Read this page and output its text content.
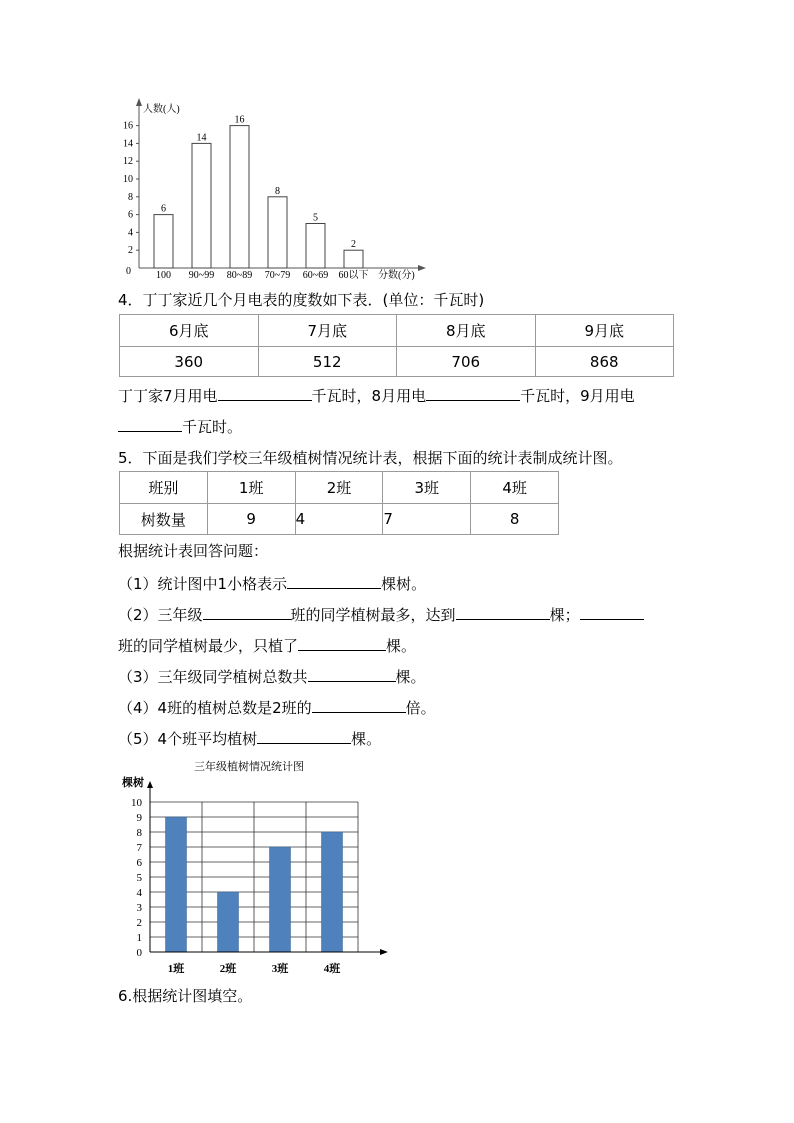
人数(人)
0	分数(分)
2
4
6
8
10
12
14
16
6
100
14
90~99
16
80~89
8
70~79
5
60~69
2
60以下
4．丁丁家近几个月电表的度数如下表．(单位：千瓦时)
6月底	7月底	8月底	9月底
360	512	706	868
丁丁家7月用电	千瓦时，8月用电	千瓦时，9月用电
千瓦时。
5．下面是我们学校三年级植树情况统计表，根据下面的统计表制成统计图。
班别	1班	2班	3班	4班
树数量	9	4	7	8
根据统计表回答问题：
（1）统计图中1小格表示	棵树。
（2）三年级	班的同学植树最多，达到	棵；
班的同学植树最少，只植了	棵。
（3）三年级同学植树总数共	棵。
（4）4班的植树总数是2班的	倍。
（5）4个班平均植树	棵。
三年级植树情况统计图
棵树
0
1
2
3
4
5
6
7
8
9
10
1班	2班	3班	4班
6.根据统计图填空。
